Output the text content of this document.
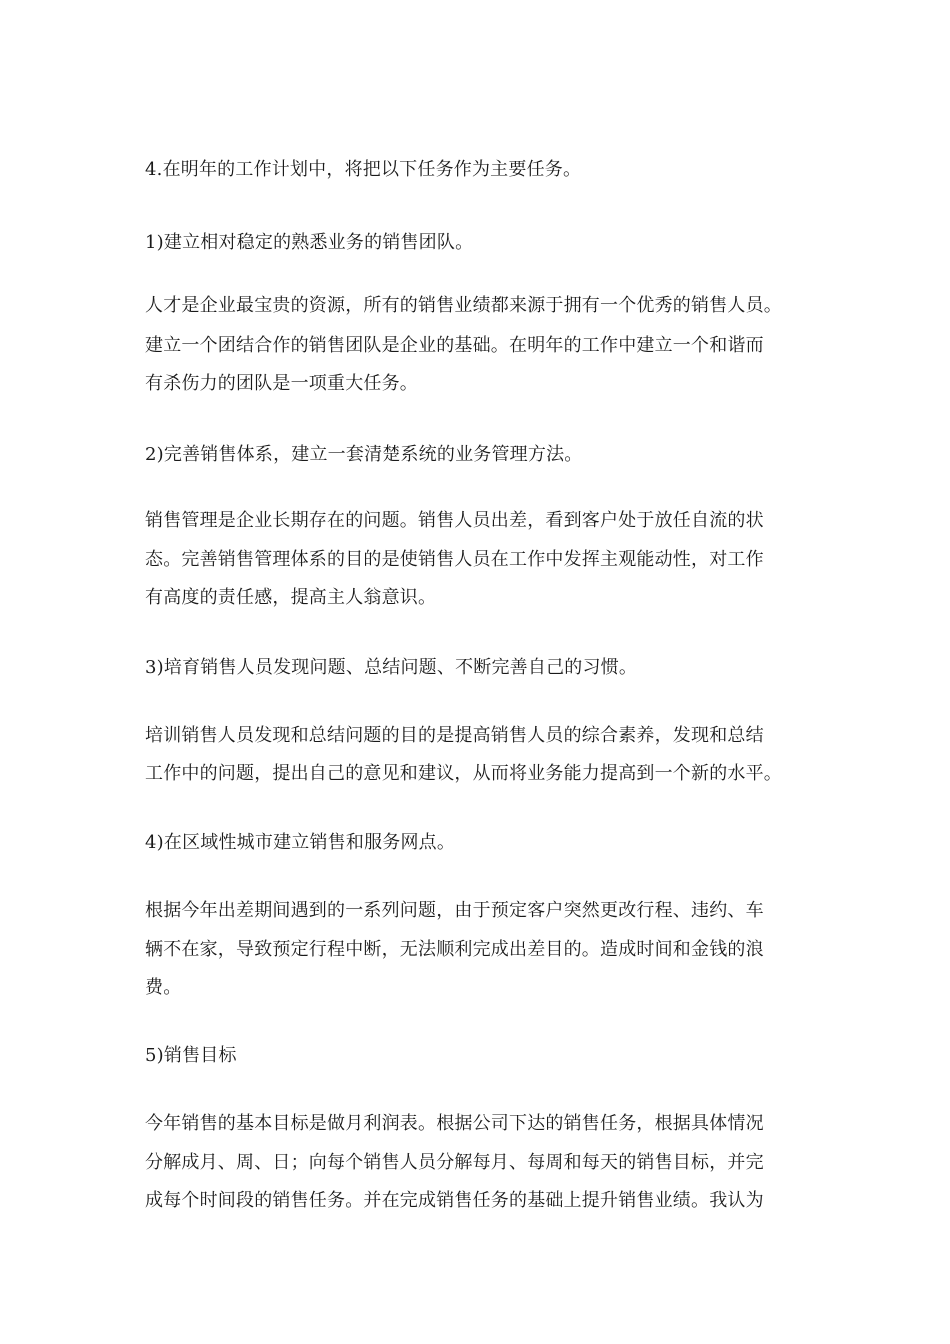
4.在明年的工作计划中，将把以下任务作为主要任务。
1)建立相对稳定的熟悉业务的销售团队。
人才是企业最宝贵的资源，所有的销售业绩都来源于拥有一个优秀的销售人员。
建立一个团结合作的销售团队是企业的基础。在明年的工作中建立一个和谐而
有杀伤力的团队是一项重大任务。
2)完善销售体系，建立一套清楚系统的业务管理方法。
销售管理是企业长期存在的问题。销售人员出差，看到客户处于放任自流的状
态。完善销售管理体系的目的是使销售人员在工作中发挥主观能动性，对工作
有高度的责任感，提高主人翁意识。
3)培育销售人员发现问题、总结问题、不断完善自己的习惯。
培训销售人员发现和总结问题的目的是提高销售人员的综合素养，发现和总结
工作中的问题，提出自己的意见和建议，从而将业务能力提高到一个新的水平。
4)在区域性城市建立销售和服务网点。
根据今年出差期间遇到的一系列问题，由于预定客户突然更改行程、违约、车
辆不在家，导致预定行程中断，无法顺利完成出差目的。造成时间和金钱的浪
费。
5)销售目标
今年销售的基本目标是做月利润表。根据公司下达的销售任务，根据具体情况
分解成月、周、日；向每个销售人员分解每月、每周和每天的销售目标，并完
成每个时间段的销售任务。并在完成销售任务的基础上提升销售业绩。我认为
